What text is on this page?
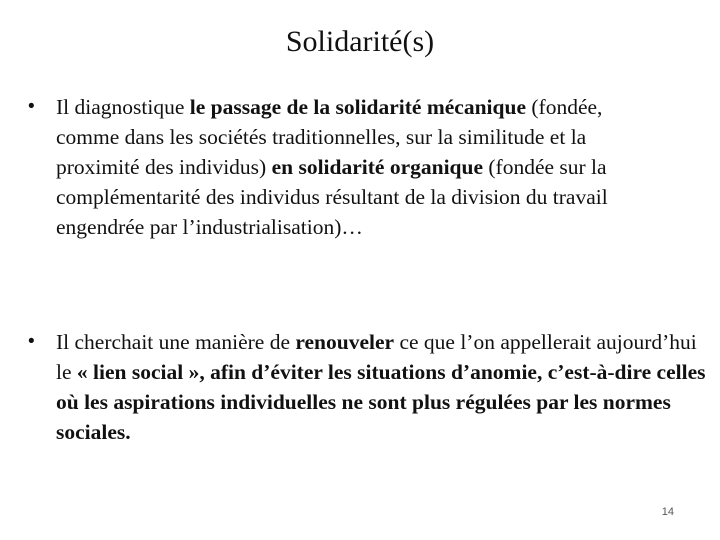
Solidarité(s)
• Il diagnostique le passage de la solidarité mécanique (fondée, comme dans les sociétés traditionnelles, sur la similitude et la proximité des individus) en solidarité organique (fondée sur la complémentarité des individus résultant de la division du travail engendrée par l’industrialisation)…
• Il cherchait une manière de renouveler ce que l’on appellerait aujourd’hui le « lien social », afin d’éviter les situations d’anomie, c’est-à-dire celles où les aspirations individuelles ne sont plus régulées par les normes sociales.
14
